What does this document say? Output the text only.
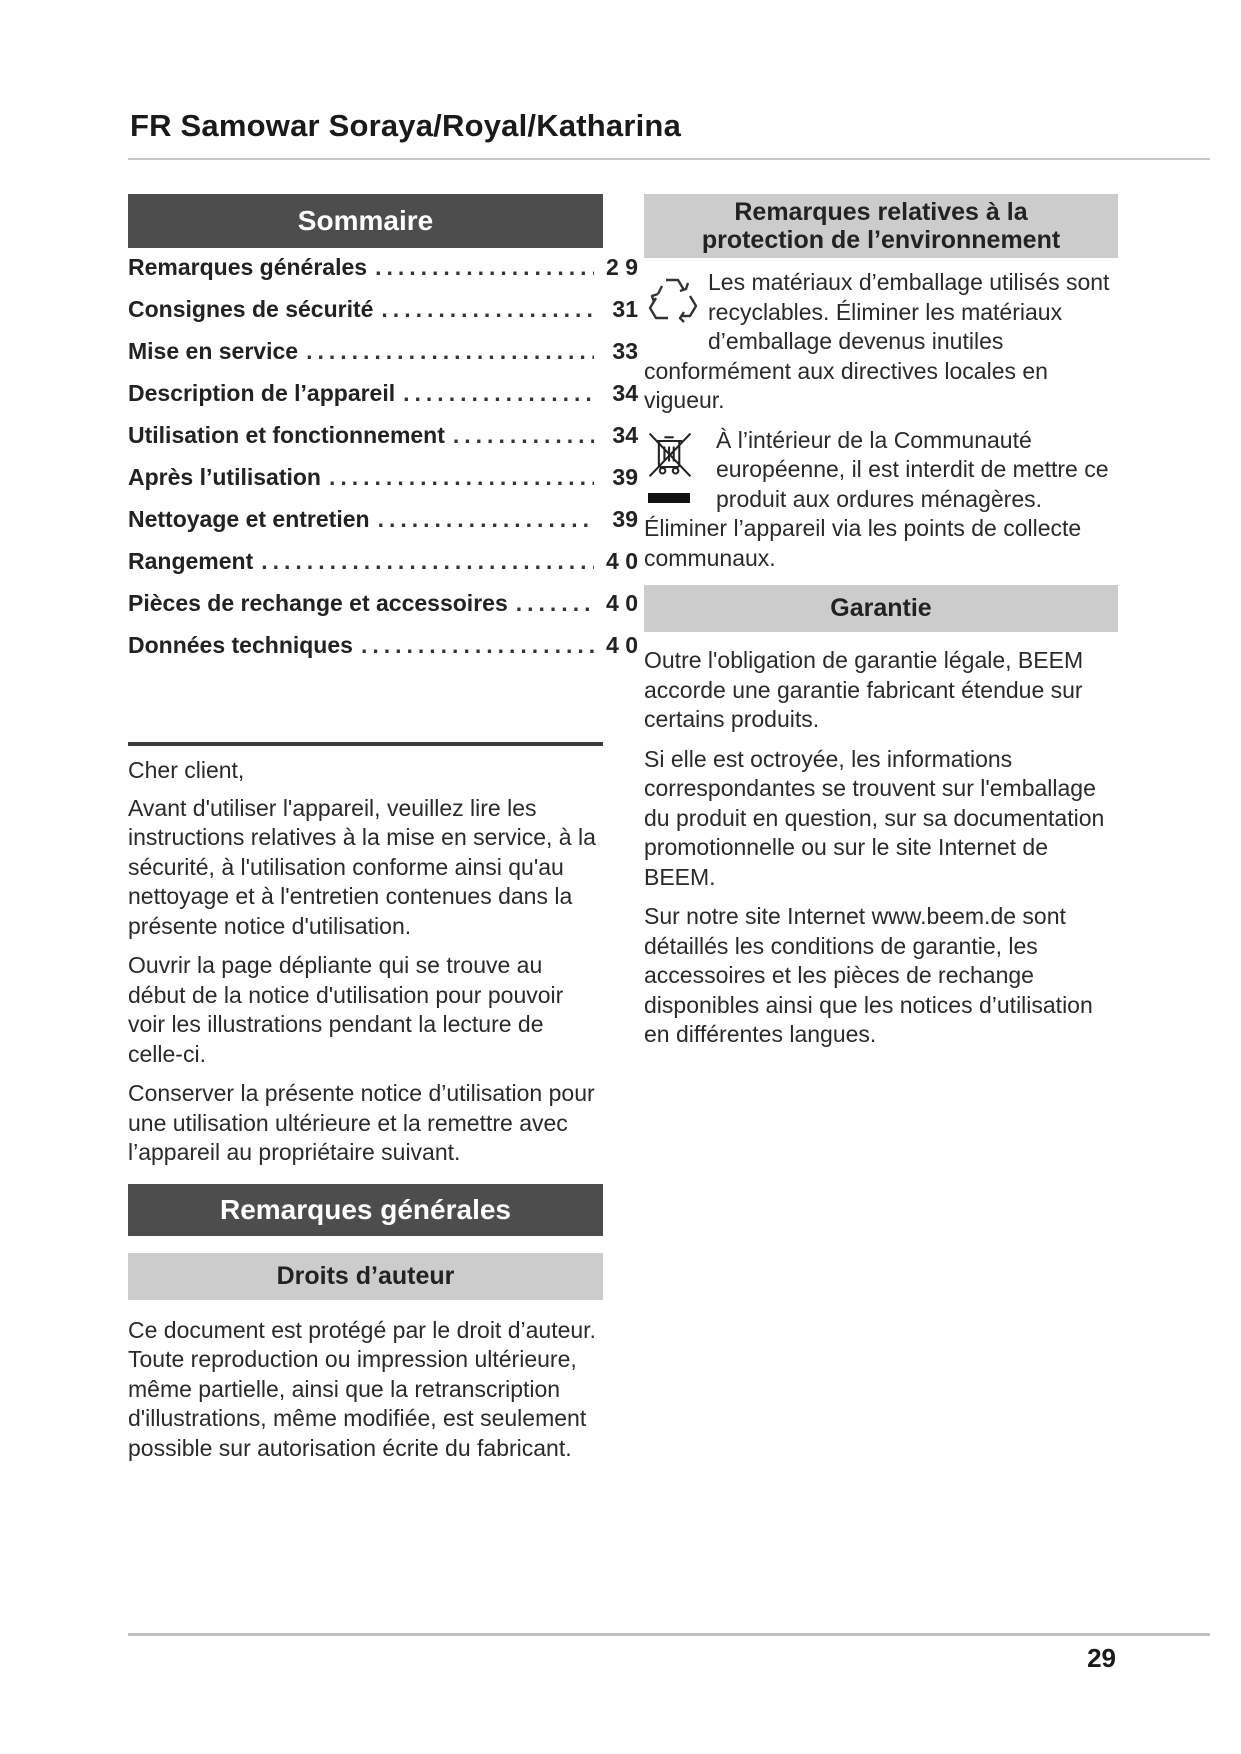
FR Samowar Soraya/Royal/Katharina
Sommaire
Remarques générales .....	2 9
Consignes de sécurité .....	31
Mise en service .....	33
Description de l’appareil .....	34
Utilisation et fonctionnement .....	34
Après l’utilisation .....	39
Nettoyage et entretien .....	39
Rangement .....	4 0
Pièces de rechange et accessoires .....	4 0
Données techniques .....	4 0

Cher client,

Avant d'utiliser l'appareil, veuillez lire les instructions relatives à la mise en service, à la sécurité, à l'utilisation conforme ainsi qu'au nettoyage et à l'entretien contenues dans la présente notice d'utilisation.

Ouvrir la page dépliante qui se trouve au début de la notice d'utilisation pour pouvoir voir les illustrations pendant la lecture de celle-ci.

Conserver la présente notice d’utilisation pour une utilisation ultérieure et la remettre avec l’appareil au propriétaire suivant.

Remarques générales
Droits d’auteur

Ce document est protégé par le droit d’auteur. Toute reproduction ou impression ultérieure, même partielle, ainsi que la retranscription d'illustrations, même modifiée, est seulement possible sur autorisation écrite du fabricant.

Remarques relatives à la
protection de l’environnement

Les matériaux d’emballage utilisés sont recyclables. Éliminer les matériaux d’emballage devenus inutiles conformément aux directives locales en vigueur.

À l’intérieur de la Communauté européenne, il est interdit de mettre ce produit aux ordures ménagères. Éliminer l’appareil via les points de collecte communaux.

Garantie

Outre l'obligation de garantie légale, BEEM accorde une garantie fabricant étendue sur certains produits.

Si elle est octroyée, les informations correspondantes se trouvent sur l'emballage du produit en question, sur sa documentation promotionnelle ou sur le site Internet de BEEM.

Sur notre site Internet www.beem.de sont détaillés les conditions de garantie, les accessoires et les pièces de rechange disponibles ainsi que les notices d’utilisation en différentes langues.

29
